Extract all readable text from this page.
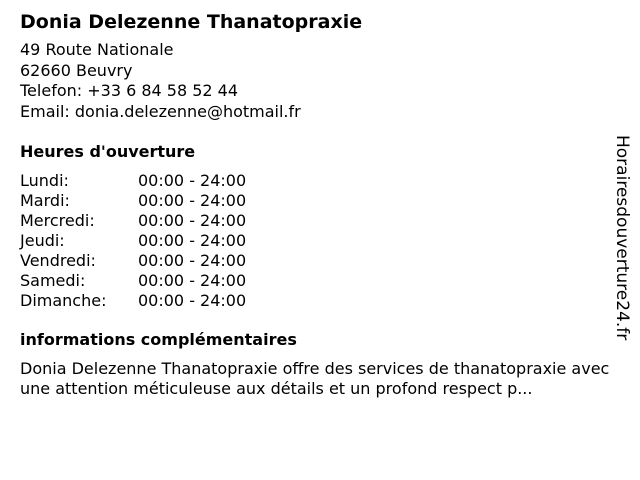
Donia Delezenne Thanatopraxie
49 Route Nationale
62660 Beuvry
Telefon: +33 6 84 58 52 44
Email: donia.delezenne@hotmail.fr
Heures d'ouverture
Lundi:	00:00 - 24:00
Mardi:	00:00 - 24:00
Mercredi:	00:00 - 24:00
Jeudi:	00:00 - 24:00
Vendredi:	00:00 - 24:00
Samedi:	00:00 - 24:00
Dimanche:	00:00 - 24:00
informations complémentaires
Donia Delezenne Thanatopraxie offre des services de thanatopraxie avec une attention méticuleuse aux détails et un profond respect p...
Horairesdouverture24.fr
